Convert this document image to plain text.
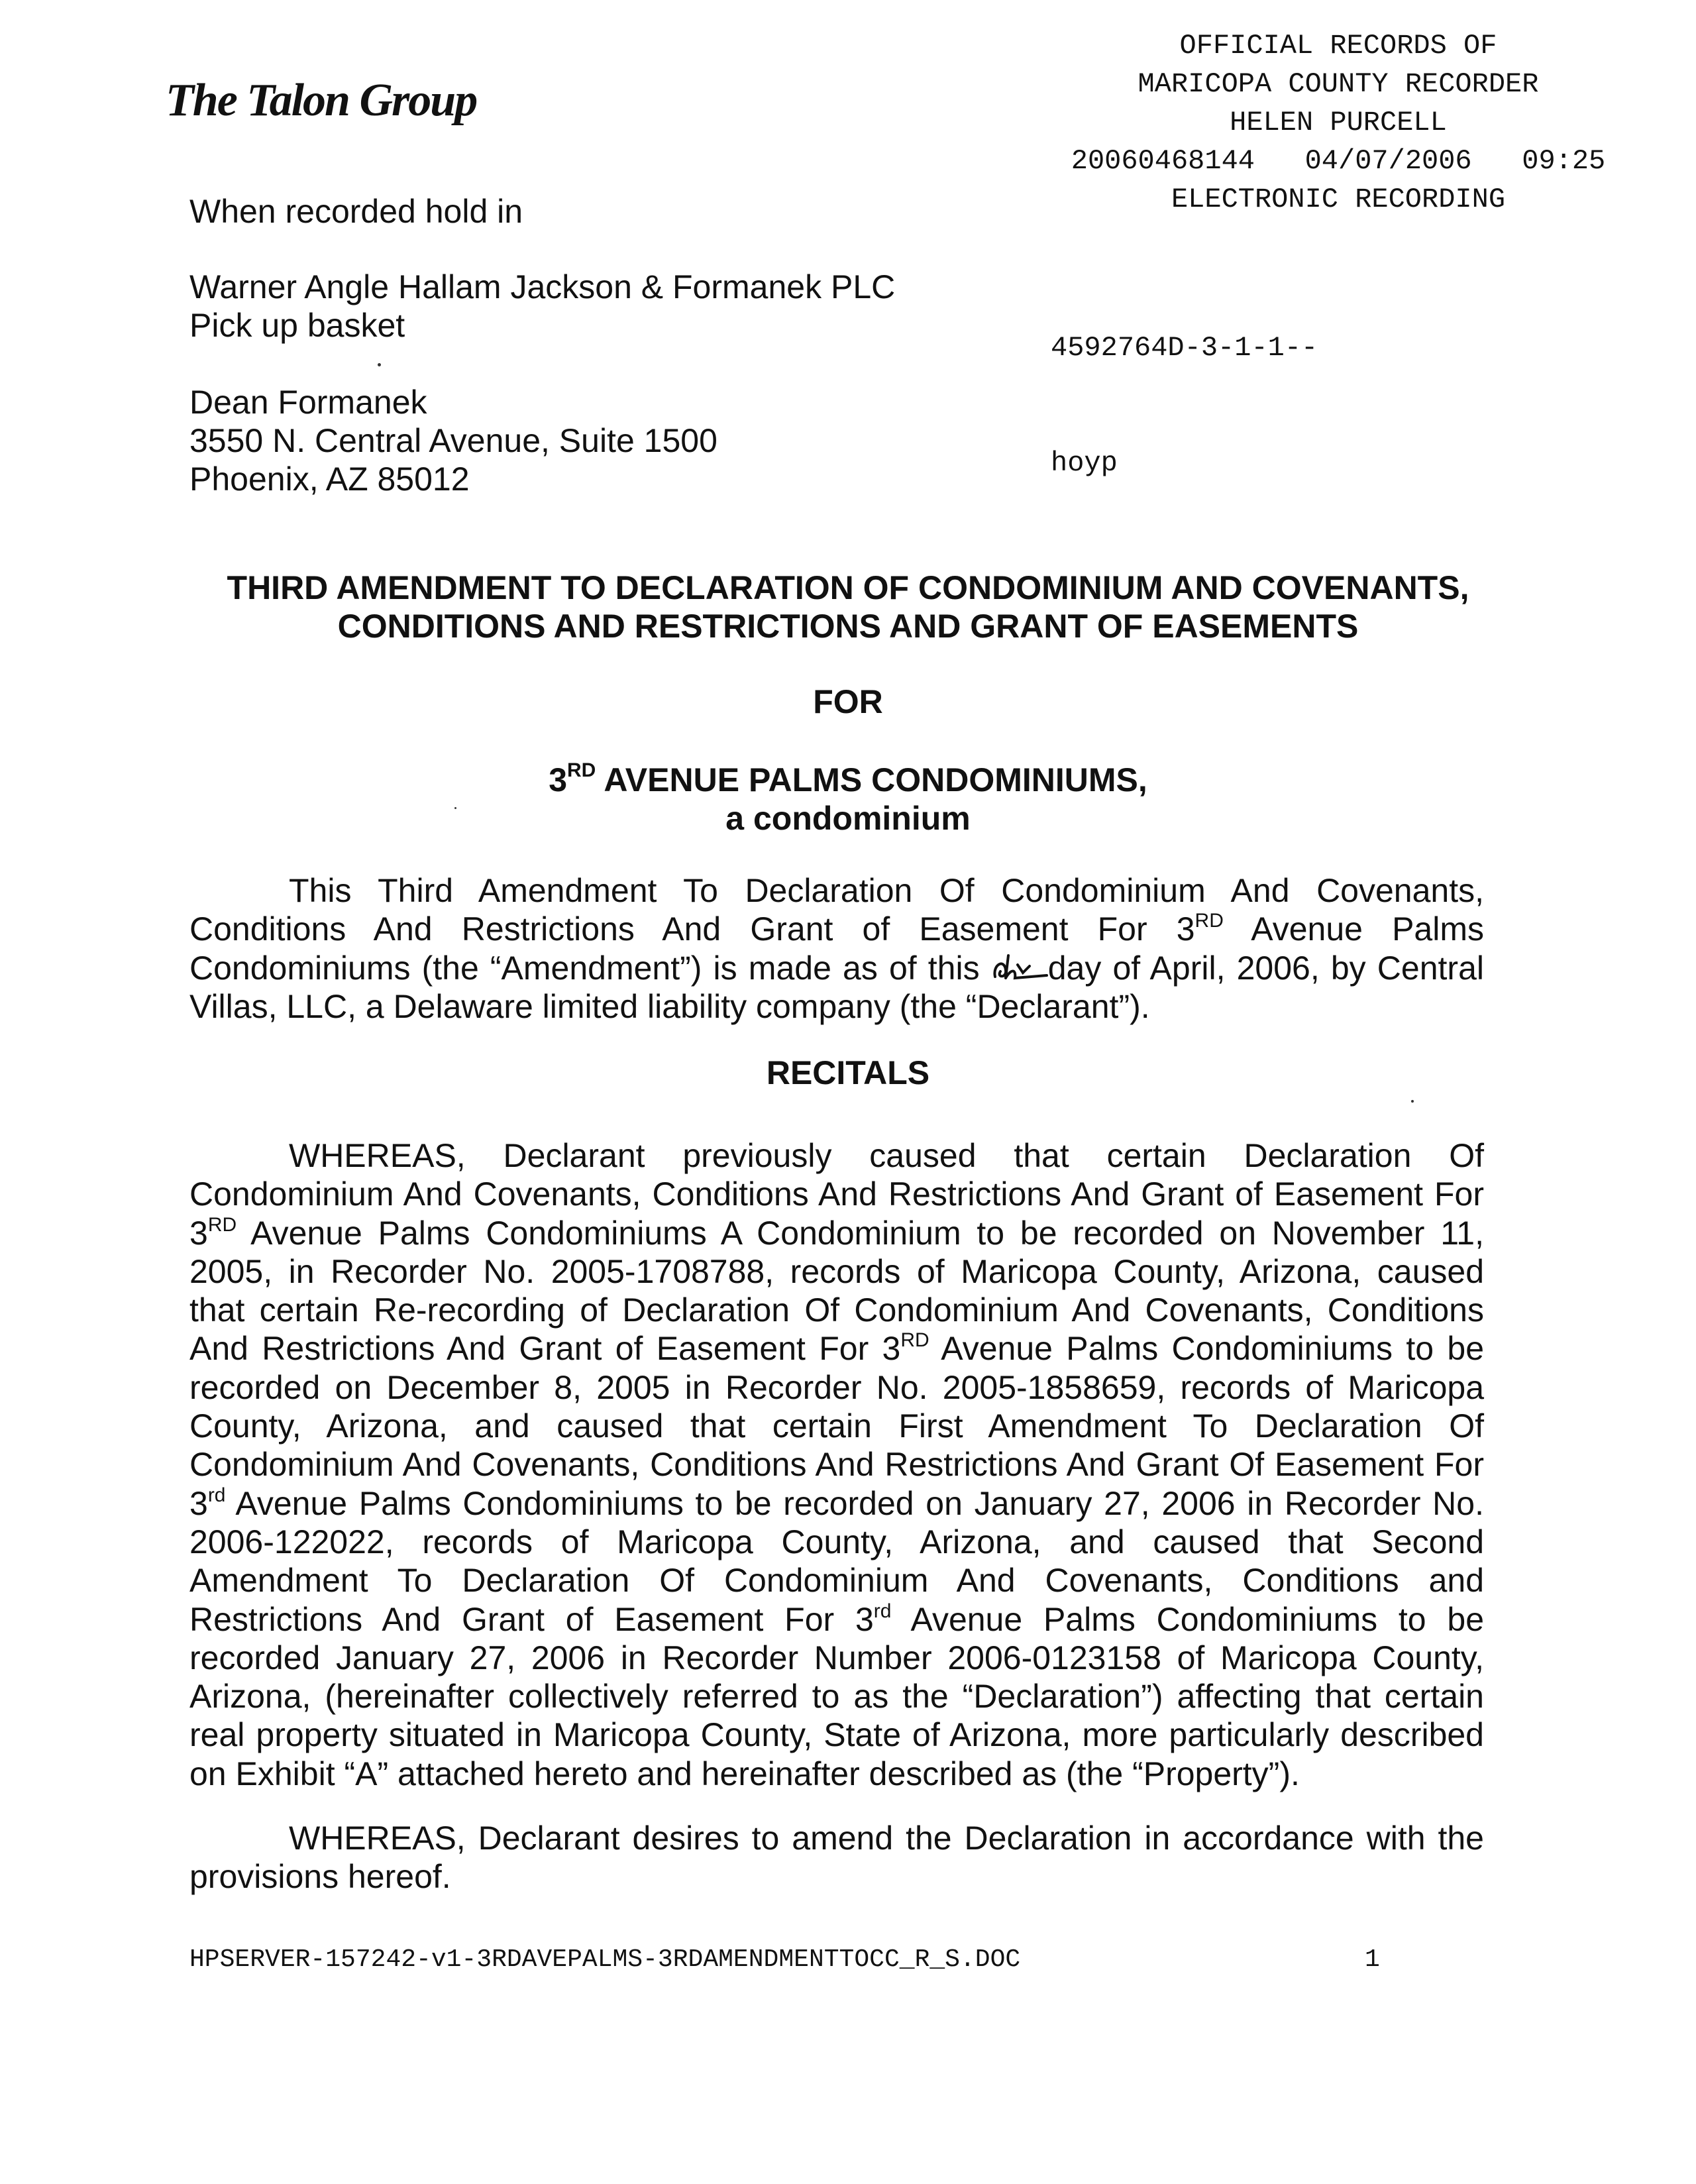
The Talon Group
OFFICIAL RECORDS OF
MARICOPA COUNTY RECORDER
HELEN PURCELL
20060468144   04/07/2006   09:25
ELECTRONIC RECORDING

4592764D-3-1-1--

hoyp

When recorded hold in
Warner Angle Hallam Jackson & Formanek PLC
Pick up basket
Dean Formanek
3550 N. Central Avenue, Suite 1500
Phoenix, AZ 85012
THIRD AMENDMENT TO DECLARATION OF CONDOMINIUM AND COVENANTS,
CONDITIONS AND RESTRICTIONS AND GRANT OF EASEMENTS
FOR
3RD AVENUE PALMS CONDOMINIUMS,
a condominium
This Third Amendment To Declaration Of Condominium And Covenants,
Conditions And Restrictions And Grant of Easement For 3RD Avenue Palms
Condominiums (the “Amendment”) is made as of this day of April, 2006, by Central
Villas, LLC, a Delaware limited liability company (the “Declarant”).
RECITALS
WHEREAS, Declarant previously caused that certain Declaration Of
Condominium And Covenants, Conditions And Restrictions And Grant of Easement For
3RD Avenue Palms Condominiums A Condominium to be recorded on November 11,
2005, in Recorder No. 2005-1708788, records of Maricopa County, Arizona, caused
that certain Re-recording of Declaration Of Condominium And Covenants, Conditions
And Restrictions And Grant of Easement For 3RD Avenue Palms Condominiums to be
recorded on December 8, 2005 in Recorder No. 2005-1858659, records of Maricopa
County, Arizona, and caused that certain First Amendment To Declaration Of
Condominium And Covenants, Conditions And Restrictions And Grant Of Easement For
3rd Avenue Palms Condominiums to be recorded on January 27, 2006 in Recorder No.
2006-122022, records of Maricopa County, Arizona, and caused that Second
Amendment To Declaration Of Condominium And Covenants, Conditions and
Restrictions And Grant of Easement For 3rd Avenue Palms Condominiums to be
recorded January 27, 2006 in Recorder Number 2006-0123158 of Maricopa County,
Arizona, (hereinafter collectively referred to as the “Declaration”) affecting that certain
real property situated in Maricopa County, State of Arizona, more particularly described
on Exhibit “A” attached hereto and hereinafter described as (the “Property”).
WHEREAS, Declarant desires to amend the Declaration in accordance with the
provisions hereof.
HPSERVER-157242-v1-3RDAVEPALMS-3RDAMENDMENTTOCC_R_S.DOC	1
